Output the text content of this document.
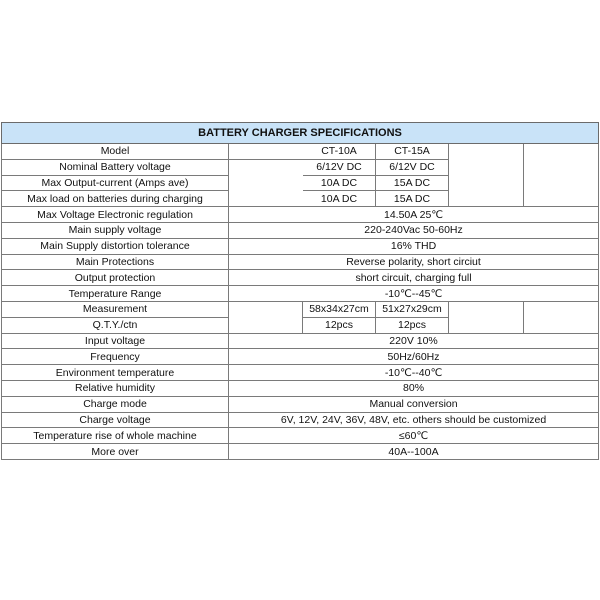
BATTERY CHARGER SPECIFICATIONS					
Model		CT-10A	CT-15A		
Nominal Battery voltage		6/12V DC	6/12V DC		
Max Output-current (Amps ave)		10A DC	15A DC		
Max load on batteries during charging		10A DC	15A DC		
Max Voltage Electronic regulation	14.50A 25℃				
Main supply voltage	220-240Vac 50-60Hz				
Main Supply distortion tolerance	16% THD				
Main Protections	Reverse polarity, short circiut				
Output protection	short circuit, charging full				
Temperature Range	-10℃--45℃				
Measurement		58x34x27cm	51x27x29cm		
Q.T.Y./ctn		12pcs	12pcs		
Input voltage	220V 10%				
Frequency	50Hz/60Hz				
Environment temperature	-10℃--40℃				
Relative humidity	80%				
Charge mode	Manual conversion				
Charge voltage	6V, 12V, 24V, 36V, 48V, etc. others should be customized				
Temperature rise of whole machine	≤60℃				
More over	40A--100A				
